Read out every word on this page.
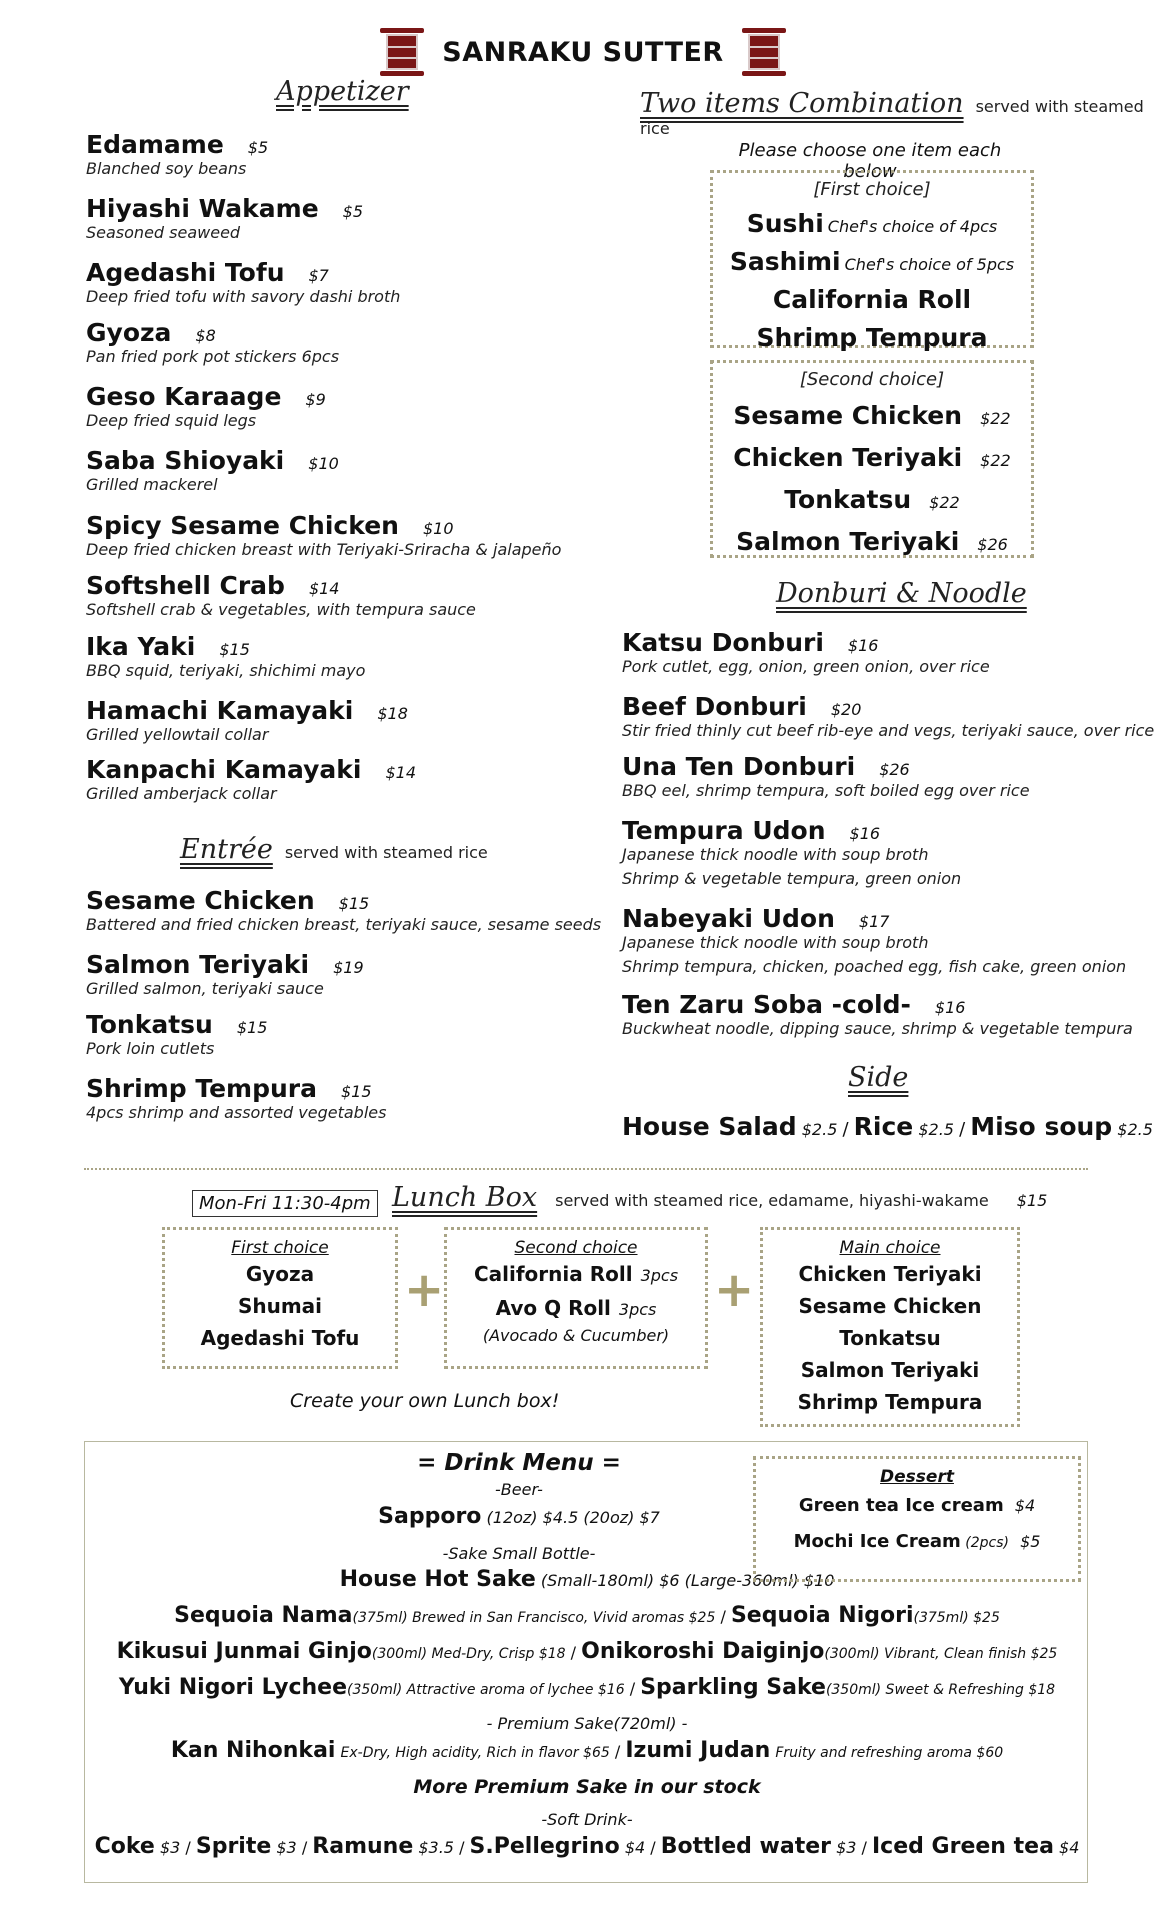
SANRAKU SUTTER
Appetizer
Edamame $5
Blanched soy beans
Hiyashi Wakame $5
Seasoned seaweed
Agedashi Tofu $7
Deep fried tofu with savory dashi broth
Gyoza $8
Pan fried pork pot stickers 6pcs
Geso Karaage $9
Deep fried squid legs
Saba Shioyaki $10
Grilled mackerel
Spicy Sesame Chicken $10
Deep fried chicken breast with Teriyaki-Sriracha & jalapeño
Softshell Crab $14
Softshell crab & vegetables, with tempura sauce
Ika Yaki $15
BBQ squid, teriyaki, shichimi mayo
Hamachi Kamayaki $18
Grilled yellowtail collar
Kanpachi Kamayaki $14
Grilled amberjack collar
Entrée served with steamed rice
Sesame Chicken $15
Battered and fried chicken breast, teriyaki sauce, sesame seeds
Salmon Teriyaki $19
Grilled salmon, teriyaki sauce
Tonkatsu $15
Pork loin cutlets
Shrimp Tempura $15
4pcs shrimp and assorted vegetables
Two items Combination served with steamed rice
Please choose one item each below
[First choice]
Sushi Chef's choice of 4pcs
Sashimi Chef's choice of 5pcs
California Roll
Shrimp Tempura
[Second choice]
Sesame Chicken $22
Chicken Teriyaki $22
Tonkatsu $22
Salmon Teriyaki $26
Donburi & Noodle
Katsu Donburi $16
Pork cutlet, egg, onion, green onion, over rice
Beef Donburi $20
Stir fried thinly cut beef rib-eye and vegs, teriyaki sauce, over rice
Una Ten Donburi $26
BBQ eel, shrimp tempura, soft boiled egg over rice
Tempura Udon $16
Japanese thick noodle with soup broth
Shrimp & vegetable tempura, green onion
Nabeyaki Udon $17
Japanese thick noodle with soup broth
Shrimp tempura, chicken, poached egg, fish cake, green onion
Ten Zaru Soba -cold- $16
Buckwheat noodle, dipping sauce, shrimp & vegetable tempura
Side
House Salad $2.5 / Rice $2.5 / Miso soup $2.5
Mon-Fri 11:30-4pm Lunch Box served with steamed rice, edamame, hiyashi-wakame $15
First choice
Gyoza
Shumai
Agedashi Tofu
+
Second choice
California Roll 3pcs
Avo Q Roll 3pcs
(Avocado & Cucumber)
+
Main choice
Chicken Teriyaki
Sesame Chicken
Tonkatsu
Salmon Teriyaki
Shrimp Tempura
Create your own Lunch box!
= Drink Menu =
-Beer-
Sapporo (12oz) $4.5 (20oz) $7
-Sake Small Bottle-
House Hot Sake (Small-180ml) $6 (Large-360ml) $10
Sequoia Nama(375ml) Brewed in San Francisco, Vivid aromas $25 / Sequoia Nigori(375ml) $25
Kikusui Junmai Ginjo(300ml) Med-Dry, Crisp $18 / Onikoroshi Daiginjo(300ml) Vibrant, Clean finish $25
Yuki Nigori Lychee(350ml) Attractive aroma of lychee $16 / Sparkling Sake(350ml) Sweet & Refreshing $18
- Premium Sake(720ml) -
Kan Nihonkai Ex-Dry, High acidity, Rich in flavor $65 / Izumi Judan Fruity and refreshing aroma $60
More Premium Sake in our stock
-Soft Drink-
Coke $3 / Sprite $3 / Ramune $3.5 / S.Pellegrino $4 / Bottled water $3 / Iced Green tea $4
Dessert
Green tea Ice cream $4
Mochi Ice Cream (2pcs) $5
